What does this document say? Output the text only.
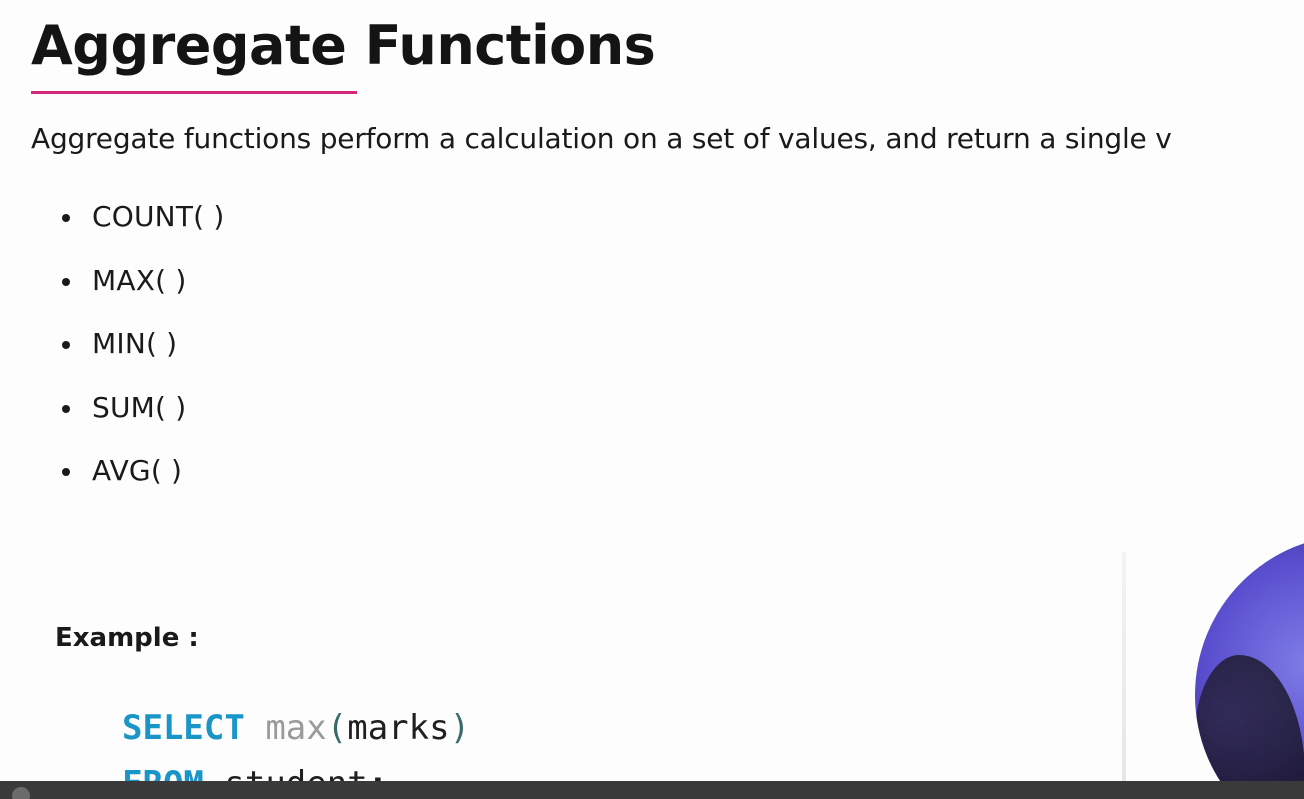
Aggregate Functions
Aggregate functions perform a calculation on a set of values, and return a single v
COUNT( )
MAX( )
MIN( )
SUM( )
AVG( )
Example :
SELECT max(marks)
